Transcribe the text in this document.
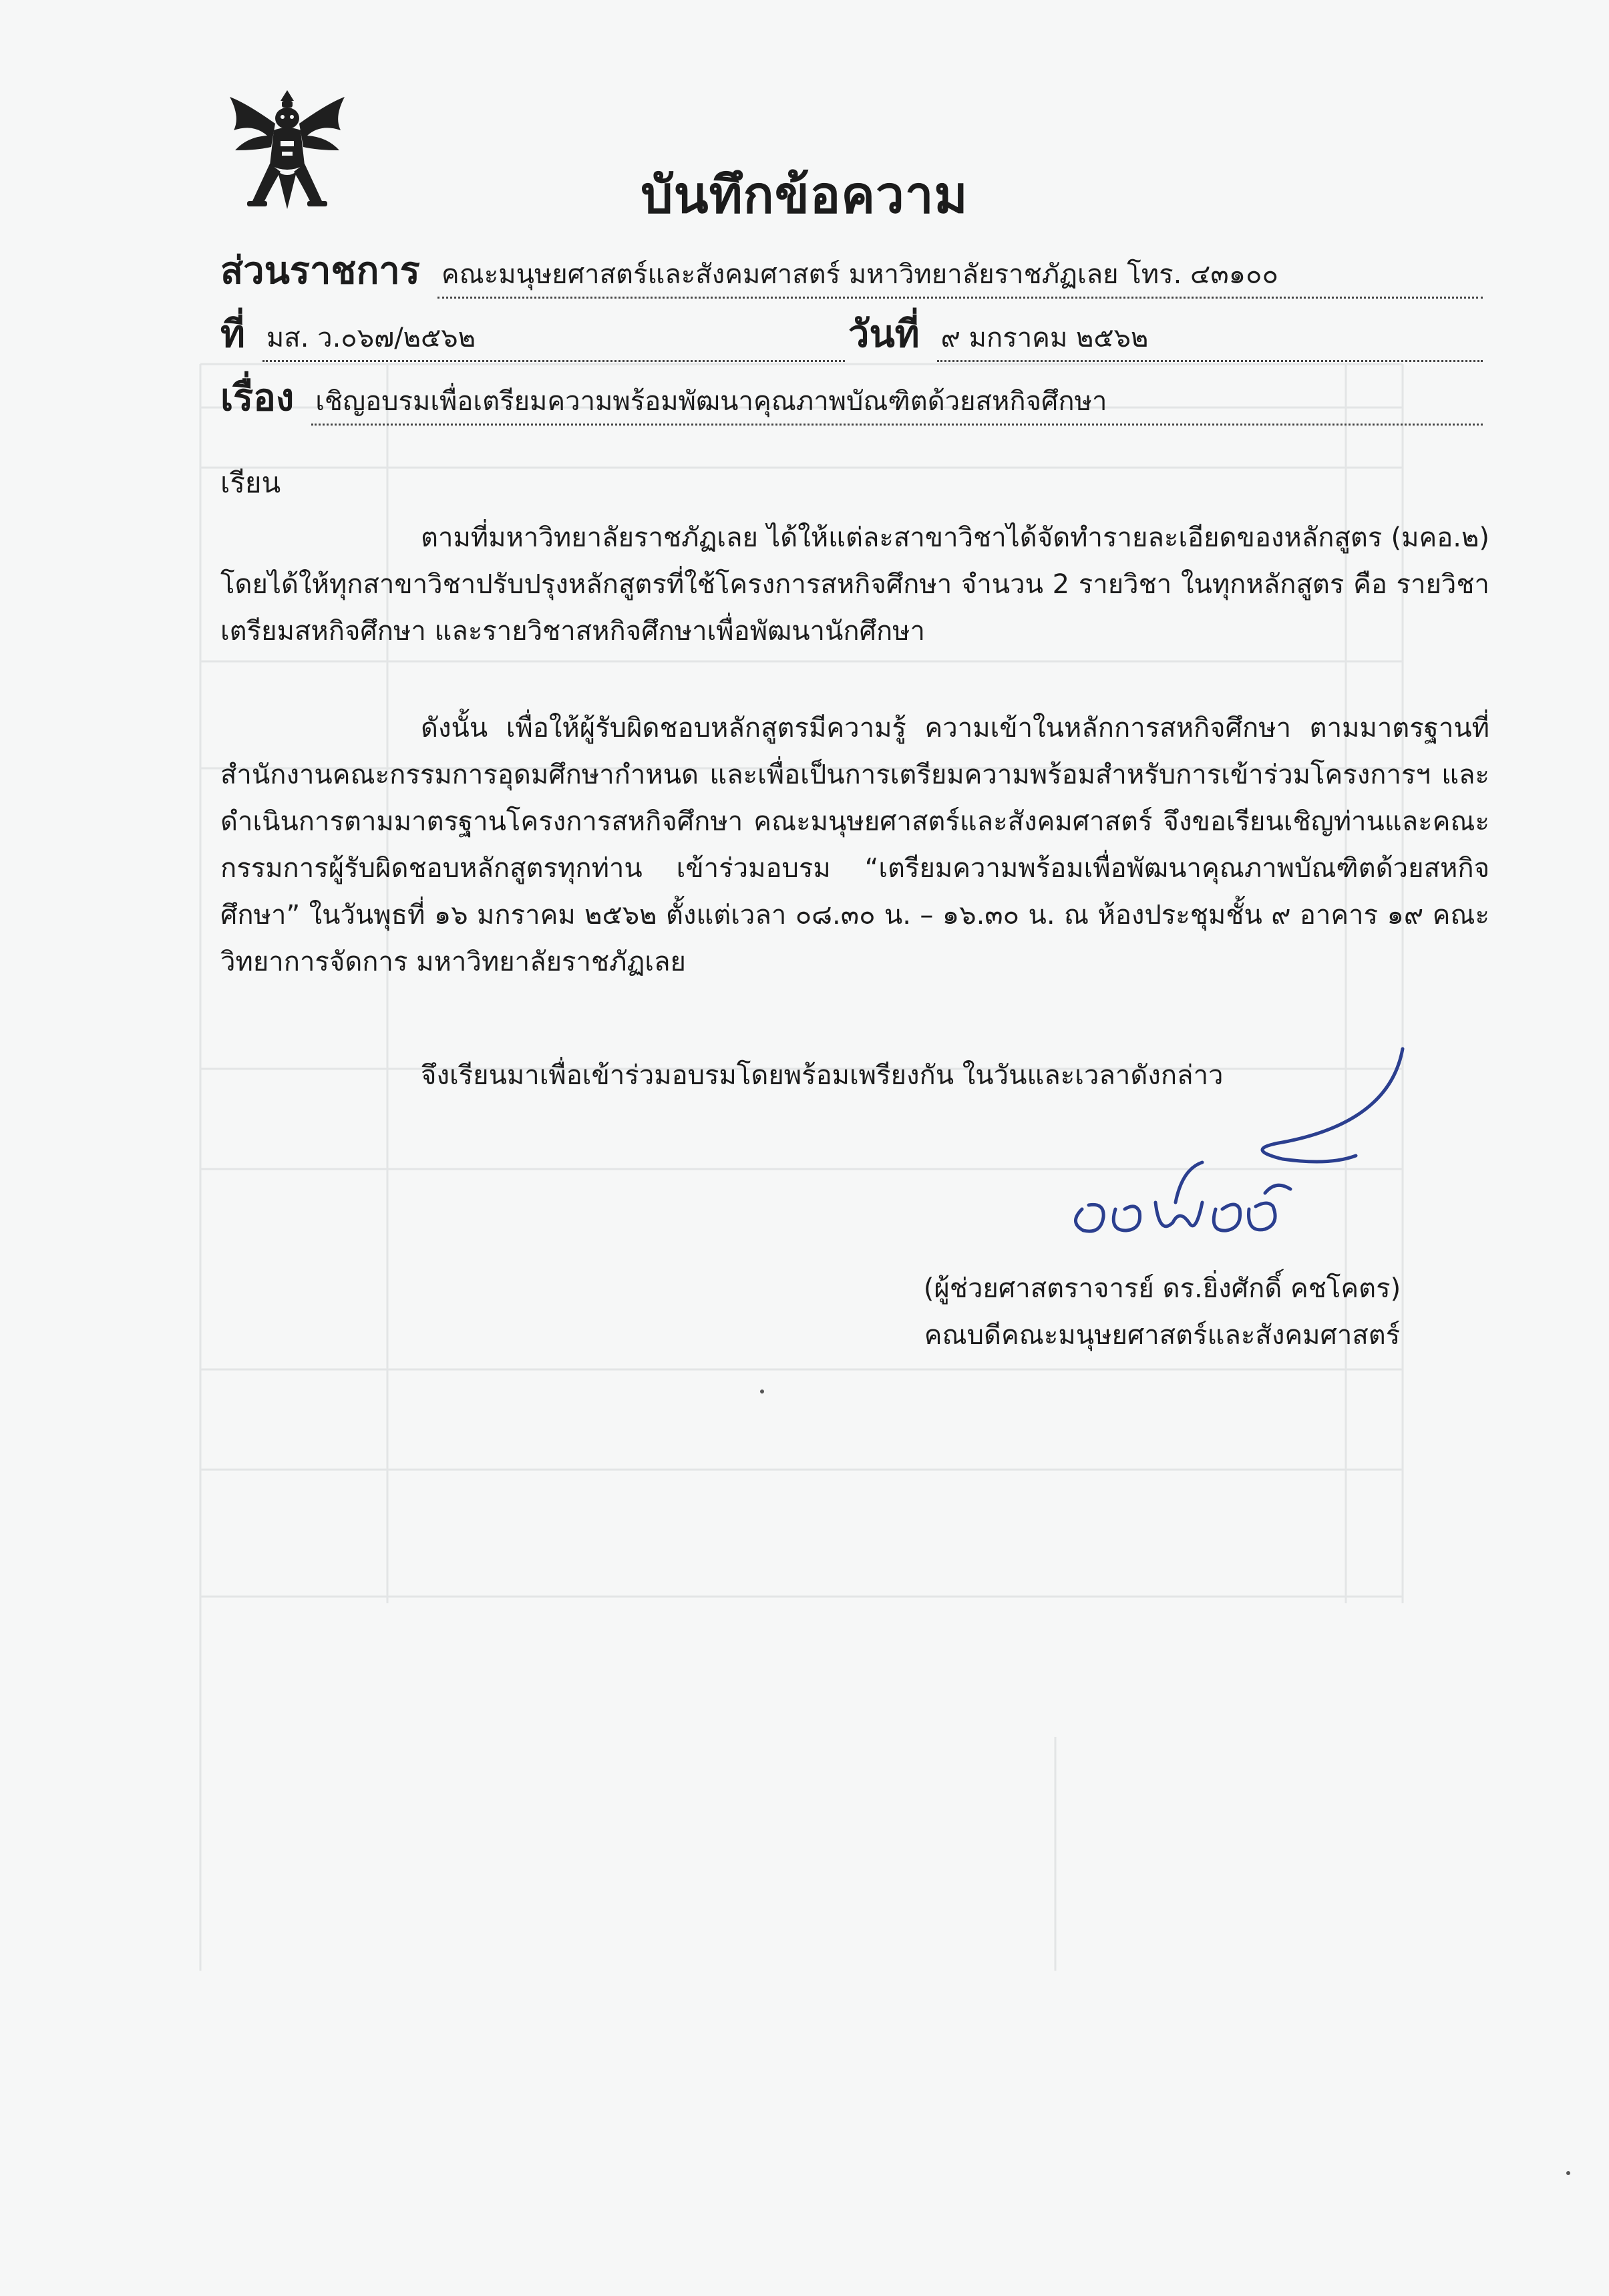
บันทึกข้อความ
ส่วนราชการ คณะมนุษยศาสตร์และสังคมศาสตร์ มหาวิทยาลัยราชภัฏเลย โทร. ๔๓๑๐๐
ที่ มส. ว.๐๖๗/๒๕๖๒	วันที่ ๙ มกราคม ๒๕๖๒
เรื่อง เชิญอบรมเพื่อเตรียมความพร้อมพัฒนาคุณภาพบัณฑิตด้วยสหกิจศึกษา
เรียน

ตามที่มหาวิทยาลัยราชภัฏเลย ได้ให้แต่ละสาขาวิชาได้จัดทำรายละเอียดของหลักสูตร (มคอ.๒) โดยได้ให้ทุกสาขาวิชาปรับปรุงหลักสูตรที่ใช้โครงการสหกิจศึกษา จำนวน 2 รายวิชา ในทุกหลักสูตร คือ รายวิชาเตรียมสหกิจศึกษา และรายวิชาสหกิจศึกษาเพื่อพัฒนานักศึกษา

ดังนั้น เพื่อให้ผู้รับผิดชอบหลักสูตรมีความรู้ ความเข้าในหลักการสหกิจศึกษา ตามมาตรฐานที่สำนักงานคณะกรรมการอุดมศึกษากำหนด และเพื่อเป็นการเตรียมความพร้อมสำหรับการเข้าร่วมโครงการฯ และดำเนินการตามมาตรฐานโครงการสหกิจศึกษา คณะมนุษยศาสตร์และสังคมศาสตร์ จึงขอเรียนเชิญท่านและคณะกรรมการผู้รับผิดชอบหลักสูตรทุกท่าน เข้าร่วมอบรม “เตรียมความพร้อมเพื่อพัฒนาคุณภาพบัณฑิตด้วยสหกิจศึกษา” ในวันพุธที่ ๑๖ มกราคม ๒๕๖๒ ตั้งแต่เวลา ๐๘.๓๐ น. – ๑๖.๓๐ น. ณ ห้องประชุมชั้น ๙ อาคาร ๑๙ คณะวิทยาการจัดการ มหาวิทยาลัยราชภัฏเลย

จึงเรียนมาเพื่อเข้าร่วมอบรมโดยพร้อมเพรียงกัน ในวันและเวลาดังกล่าว

(ผู้ช่วยศาสตราจารย์ ดร.ยิ่งศักดิ์ คชโคตร)
คณบดีคณะมนุษยศาสตร์และสังคมศาสตร์
